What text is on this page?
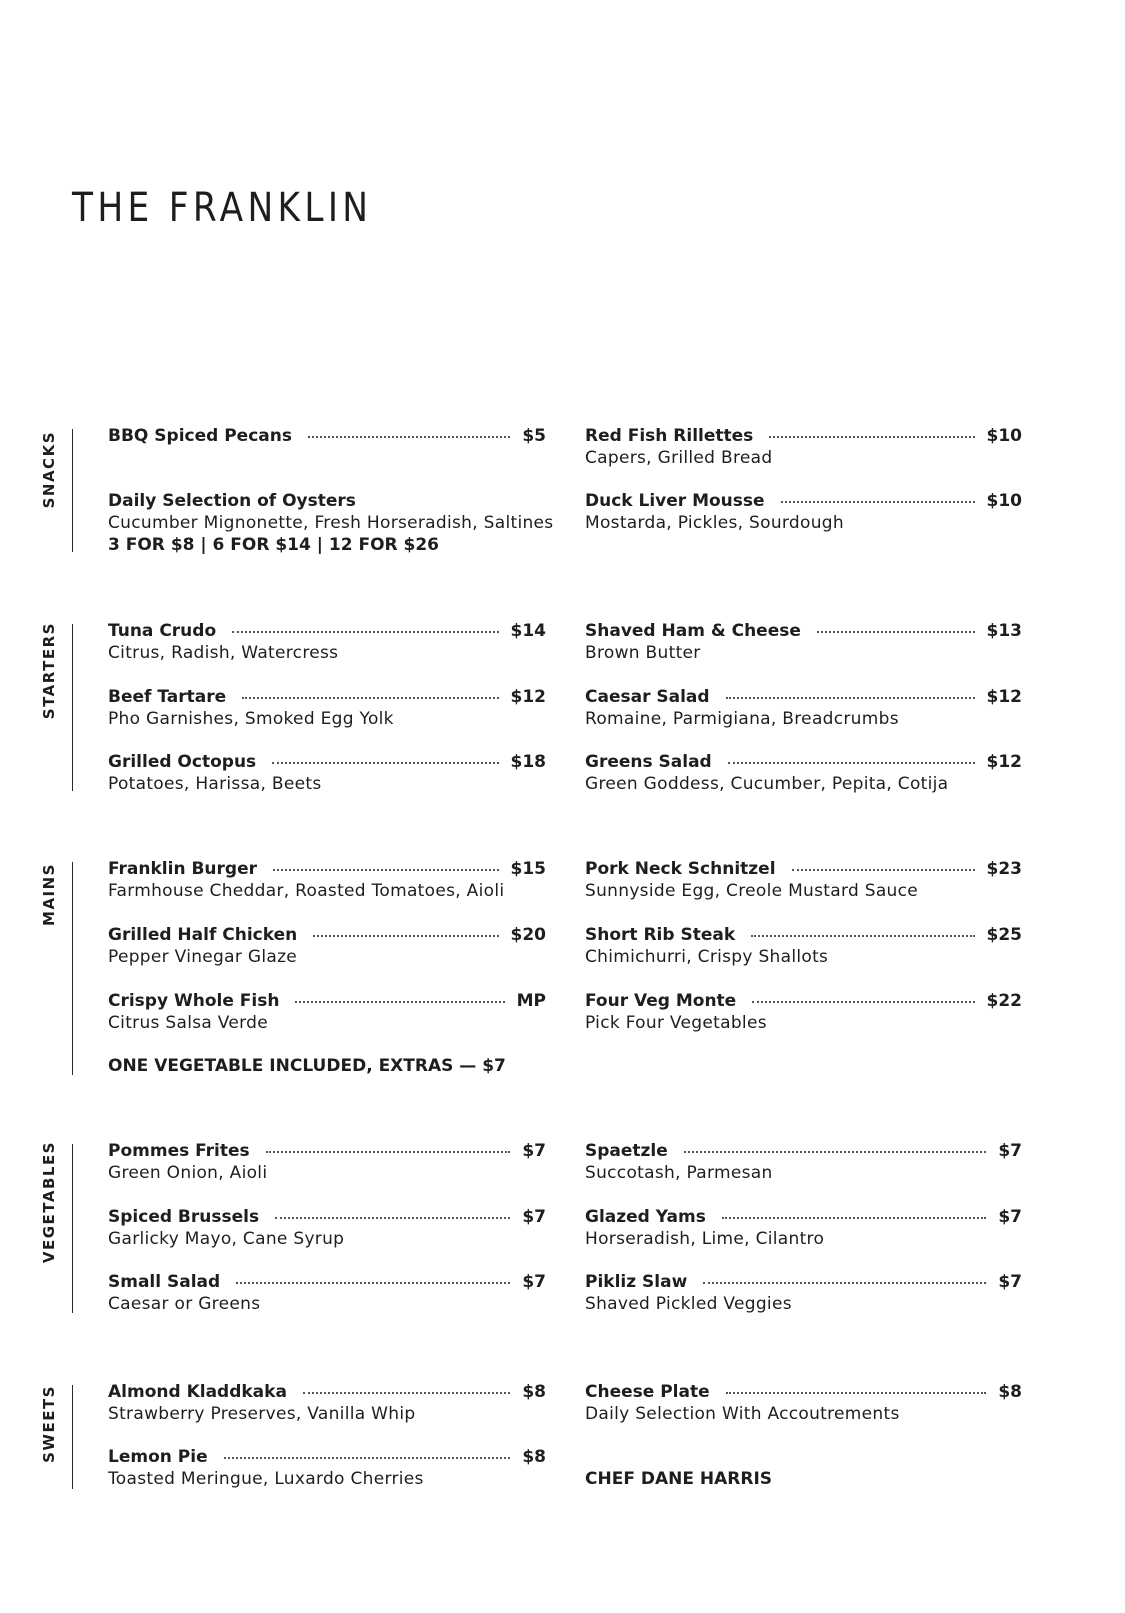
THE FRANKLIN
SNACKS	BBQ Spiced Pecans	$5
Daily Selection of Oysters
Cucumber Mignonette, Fresh Horseradish, Saltines
3 FOR $8 | 6 FOR $14 | 12 FOR $26
Red Fish Rillettes	$10
Capers, Grilled Bread
Duck Liver Mousse	$10
Mostarda, Pickles, Sourdough
STARTERS	Tuna Crudo	$14
Citrus, Radish, Watercress
Beef Tartare	$12
Pho Garnishes, Smoked Egg Yolk
Grilled Octopus	$18
Potatoes, Harissa, Beets
Shaved Ham & Cheese	$13
Brown Butter
Caesar Salad	$12
Romaine, Parmigiana, Breadcrumbs
Greens Salad	$12
Green Goddess, Cucumber, Pepita, Cotija
MAINS	Franklin Burger	$15
Farmhouse Cheddar, Roasted Tomatoes, Aioli
Grilled Half Chicken	$20
Pepper Vinegar Glaze
Crispy Whole Fish	MP
Citrus Salsa Verde
ONE VEGETABLE INCLUDED, EXTRAS — $7
Pork Neck Schnitzel	$23
Sunnyside Egg, Creole Mustard Sauce
Short Rib Steak	$25
Chimichurri, Crispy Shallots
Four Veg Monte	$22
Pick Four Vegetables
VEGETABLES	Pommes Frites	$7
Green Onion, Aioli
Spiced Brussels	$7
Garlicky Mayo, Cane Syrup
Small Salad	$7
Caesar or Greens
Spaetzle	$7
Succotash, Parmesan
Glazed Yams	$7
Horseradish, Lime, Cilantro
Pikliz Slaw	$7
Shaved Pickled Veggies
SWEETS	Almond Kladdkaka	$8
Strawberry Preserves, Vanilla Whip
Lemon Pie	$8
Toasted Meringue, Luxardo Cherries
Cheese Plate	$8
Daily Selection With Accoutrements
CHEF DANE HARRIS
